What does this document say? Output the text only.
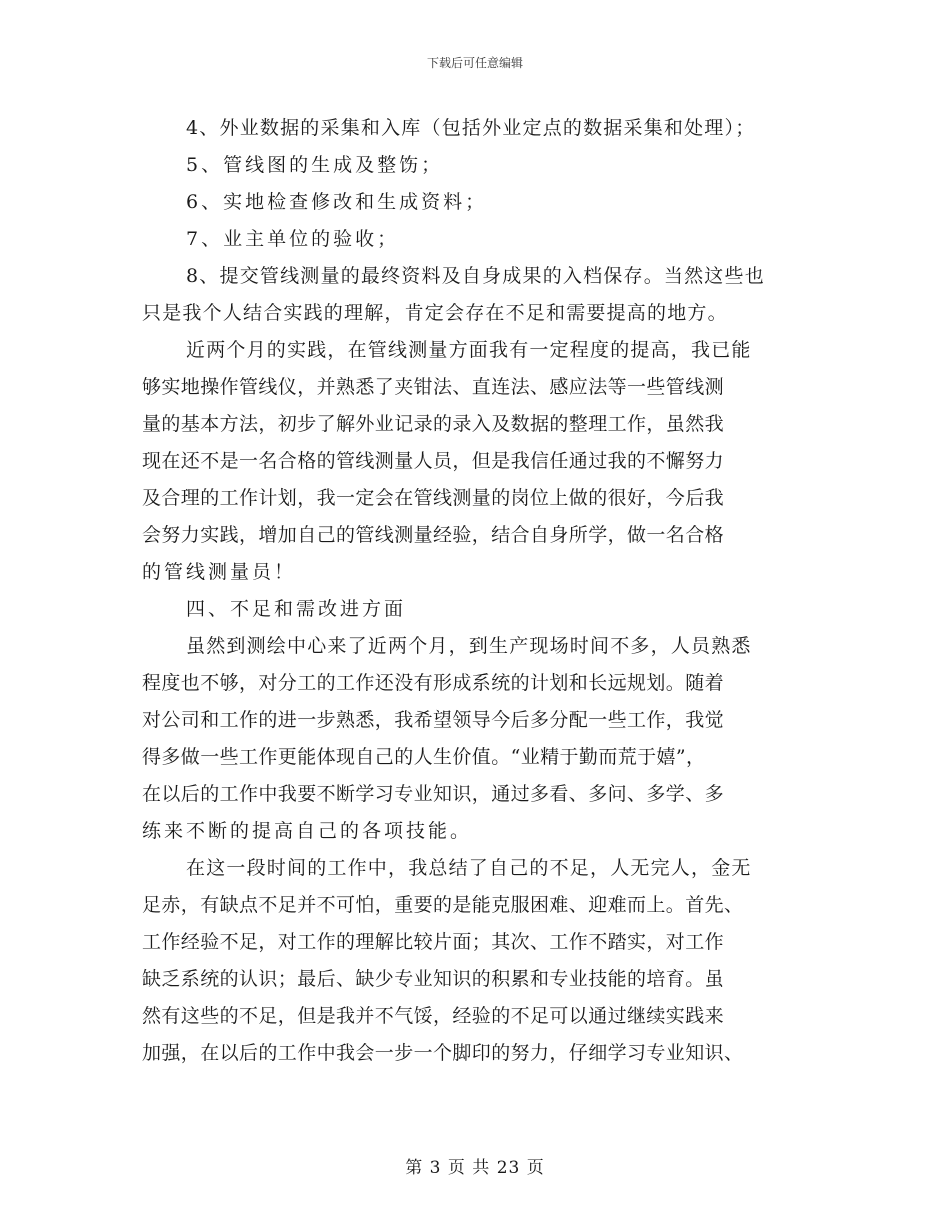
下载后可任意编辑
4、外业数据的采集和入库（包括外业定点的数据采集和处理）；
5、管线图的生成及整饬；
6、实地检查修改和生成资料；
7、业主单位的验收；
8、提交管线测量的最终资料及自身成果的入档保存。当然这些也
只是我个人结合实践的理解，肯定会存在不足和需要提高的地方。
近两个月的实践，在管线测量方面我有一定程度的提高，我已能
够实地操作管线仪，并熟悉了夹钳法、直连法、感应法等一些管线测
量的基本方法，初步了解外业记录的录入及数据的整理工作，虽然我
现在还不是一名合格的管线测量人员，但是我信任通过我的不懈努力
及合理的工作计划，我一定会在管线测量的岗位上做的很好，今后我
会努力实践，增加自己的管线测量经验，结合自身所学，做一名合格
的管线测量员！
四、不足和需改进方面
虽然到测绘中心来了近两个月，到生产现场时间不多，人员熟悉
程度也不够，对分工的工作还没有形成系统的计划和长远规划。随着
对公司和工作的进一步熟悉，我希望领导今后多分配一些工作，我觉
得多做一些工作更能体现自己的人生价值。“业精于勤而荒于嬉”，
在以后的工作中我要不断学习专业知识，通过多看、多问、多学、多
练来不断的提高自己的各项技能。
在这一段时间的工作中，我总结了自己的不足，人无完人，金无
足赤，有缺点不足并不可怕，重要的是能克服困难、迎难而上。首先、
工作经验不足，对工作的理解比较片面；其次、工作不踏实，对工作
缺乏系统的认识；最后、缺少专业知识的积累和专业技能的培育。虽
然有这些的不足，但是我并不气馁，经验的不足可以通过继续实践来
加强，在以后的工作中我会一步一个脚印的努力，仔细学习专业知识、
第 3 页 共 23 页
